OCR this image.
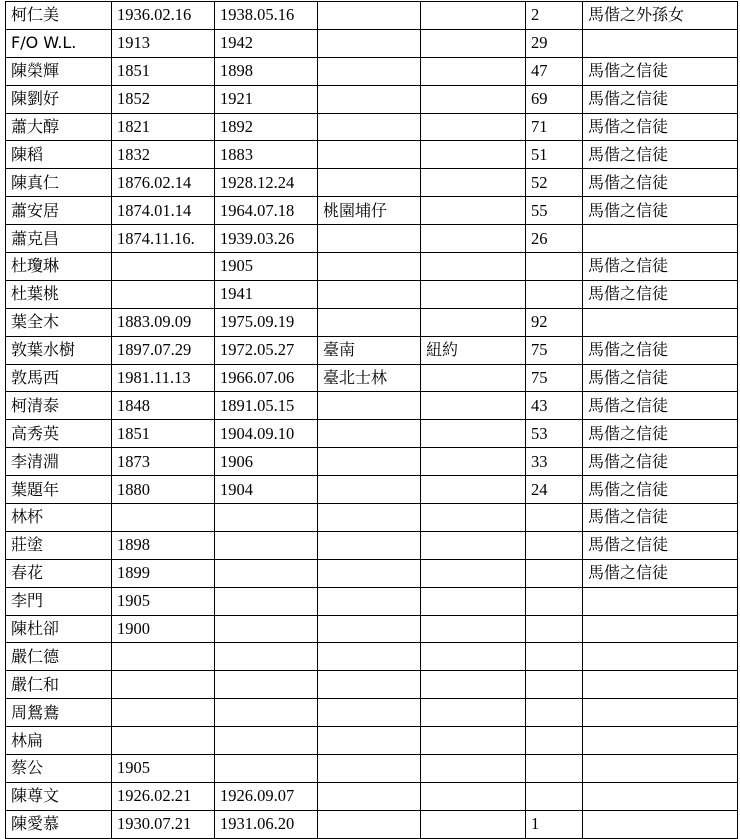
柯仁美	1936.02.16	1938.05.16			2	馬偕之外孫女
F/O W.L.	1913	1942			29	
陳榮輝	1851	1898			47	馬偕之信徒
陳劉好	1852	1921			69	馬偕之信徒
蕭大醇	1821	1892			71	馬偕之信徒
陳稻	1832	1883			51	馬偕之信徒
陳真仁	1876.02.14	1928.12.24			52	馬偕之信徒
蕭安居	1874.01.14	1964.07.18	桃園埔仔		55	馬偕之信徒
蕭克昌	1874.11.16.	1939.03.26			26	
杜瓊琳		1905				馬偕之信徒
杜葉桃		1941				馬偕之信徒
葉全木	1883.09.09	1975.09.19			92	
敦葉水樹	1897.07.29	1972.05.27	臺南	紐約	75	馬偕之信徒
敦馬西	1981.11.13	1966.07.06	臺北士林		75	馬偕之信徒
柯清泰	1848	1891.05.15			43	馬偕之信徒
高秀英	1851	1904.09.10			53	馬偕之信徒
李清淵	1873	1906			33	馬偕之信徒
葉題年	1880	1904			24	馬偕之信徒
林杯						馬偕之信徒
莊塗	1898					馬偕之信徒
春花	1899					馬偕之信徒
李門	1905					
陳杜卻	1900					
嚴仁德						
嚴仁和						
周鴛鴦						
林扁						
蔡公	1905					
陳尊文	1926.02.21	1926.09.07				
陳愛慕	1930.07.21	1931.06.20			1	
